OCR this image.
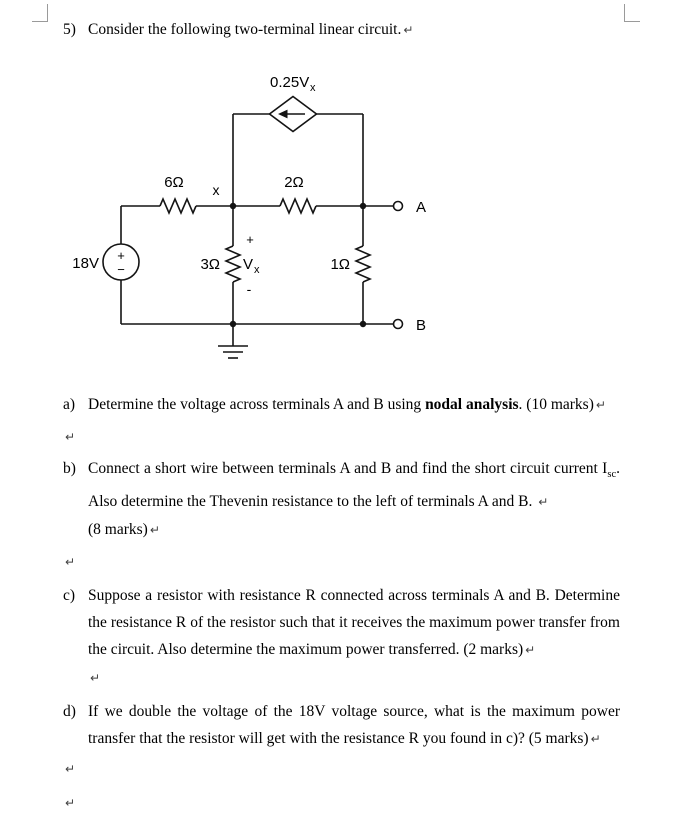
5) Consider the following two-terminal linear circuit. ↵
+
−
0.25V x
6Ω x	2Ω
A
18V	3Ω
+
V x
-
1Ω
B
a) Determine the voltage across terminals A and B using nodal analysis. (10 marks) ↵
↵
b) Connect a short wire between terminals A and B and find the short circuit current $I_{sc}$. Also determine the Thevenin resistance to the left of terminals A and B. ↵
(8 marks) ↵
↵
c) Suppose a resistor with resistance R connected across terminals A and B. Determine the resistance R of the resistor such that it receives the maximum power transfer from the circuit. Also determine the maximum power transferred. (2 marks) ↵
↵
d) If we double the voltage of the 18V voltage source, what is the maximum power transfer that the resistor will get with the resistance R you found in c)? (5 marks) ↵
↵
↵
